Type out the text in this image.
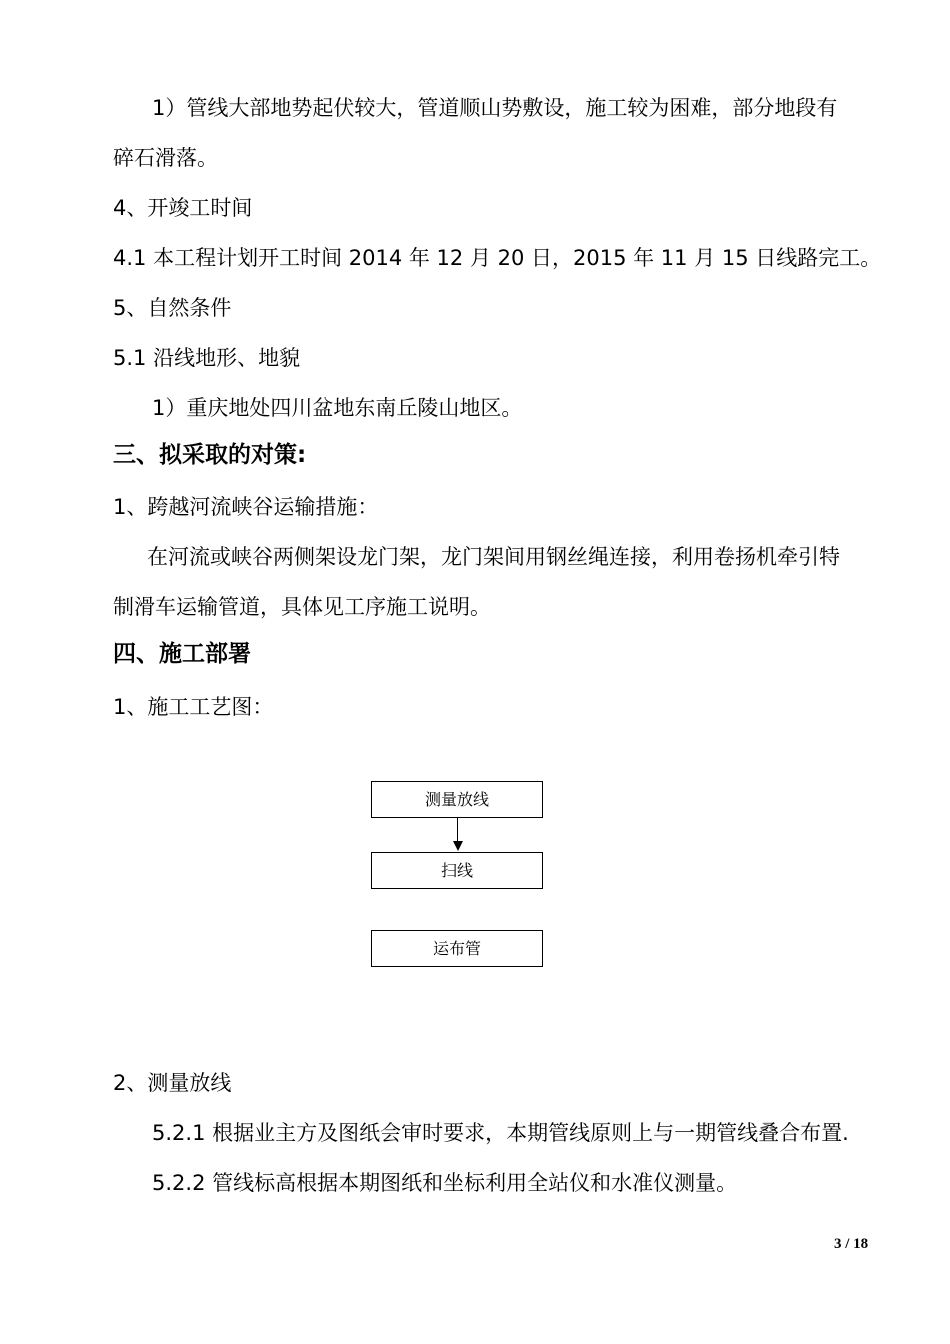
1）管线大部地势起伏较大，管道顺山势敷设，施工较为困难，部分地段有
碎石滑落。
4、开竣工时间
4.1 本工程计划开工时间 2014 年 12 月 20 日，2015 年 11 月 15 日线路完工。
5、自然条件
5.1 沿线地形、地貌
1）重庆地处四川盆地东南丘陵山地区。
三、拟采取的对策:
1、跨越河流峡谷运输措施：
在河流或峡谷两侧架设龙门架，龙门架间用钢丝绳连接，利用卷扬机牵引特
制滑车运输管道，具体见工序施工说明。
四、施工部署
1、施工工艺图：
测量放线
扫线
运布管
2、测量放线
5.2.1 根据业主方及图纸会审时要求，本期管线原则上与一期管线叠合布置.
5.2.2 管线标高根据本期图纸和坐标利用全站仪和水准仪测量。
3 / 18
